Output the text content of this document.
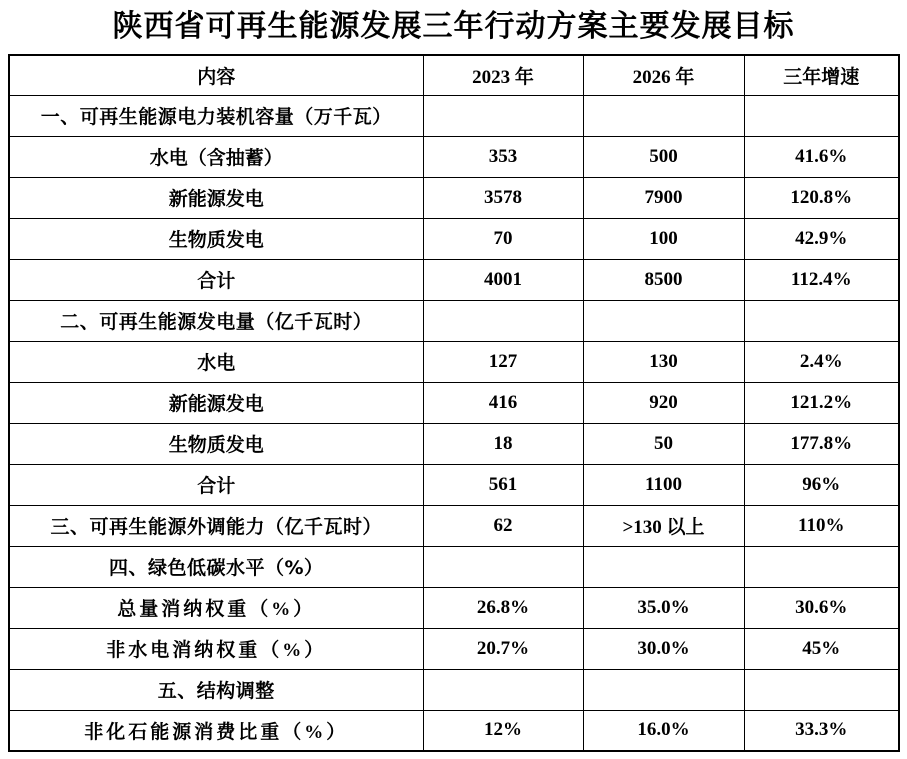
陕西省可再生能源发展三年行动方案主要发展目标
内容	2023 年	2026 年	三年增速
一、可再生能源电力装机容量（万千瓦）			
水电（含抽蓄）	353	500	41.6%
新能源发电	3578	7900	120.8%
生物质发电	70	100	42.9%
合计	4001	8500	112.4%
二、可再生能源发电量（亿千瓦时）			
水电	127	130	2.4%
新能源发电	416	920	121.2%
生物质发电	18	50	177.8%
合计	561	1100	96%
三、可再生能源外调能力（亿千瓦时）	62	>130 以上	110%
四、绿色低碳水平（%）			
总量消纳权重（%）	26.8%	35.0%	30.6%
非水电消纳权重（%）	20.7%	30.0%	45%
五、结构调整			
非化石能源消费比重（%）	12%	16.0%	33.3%
